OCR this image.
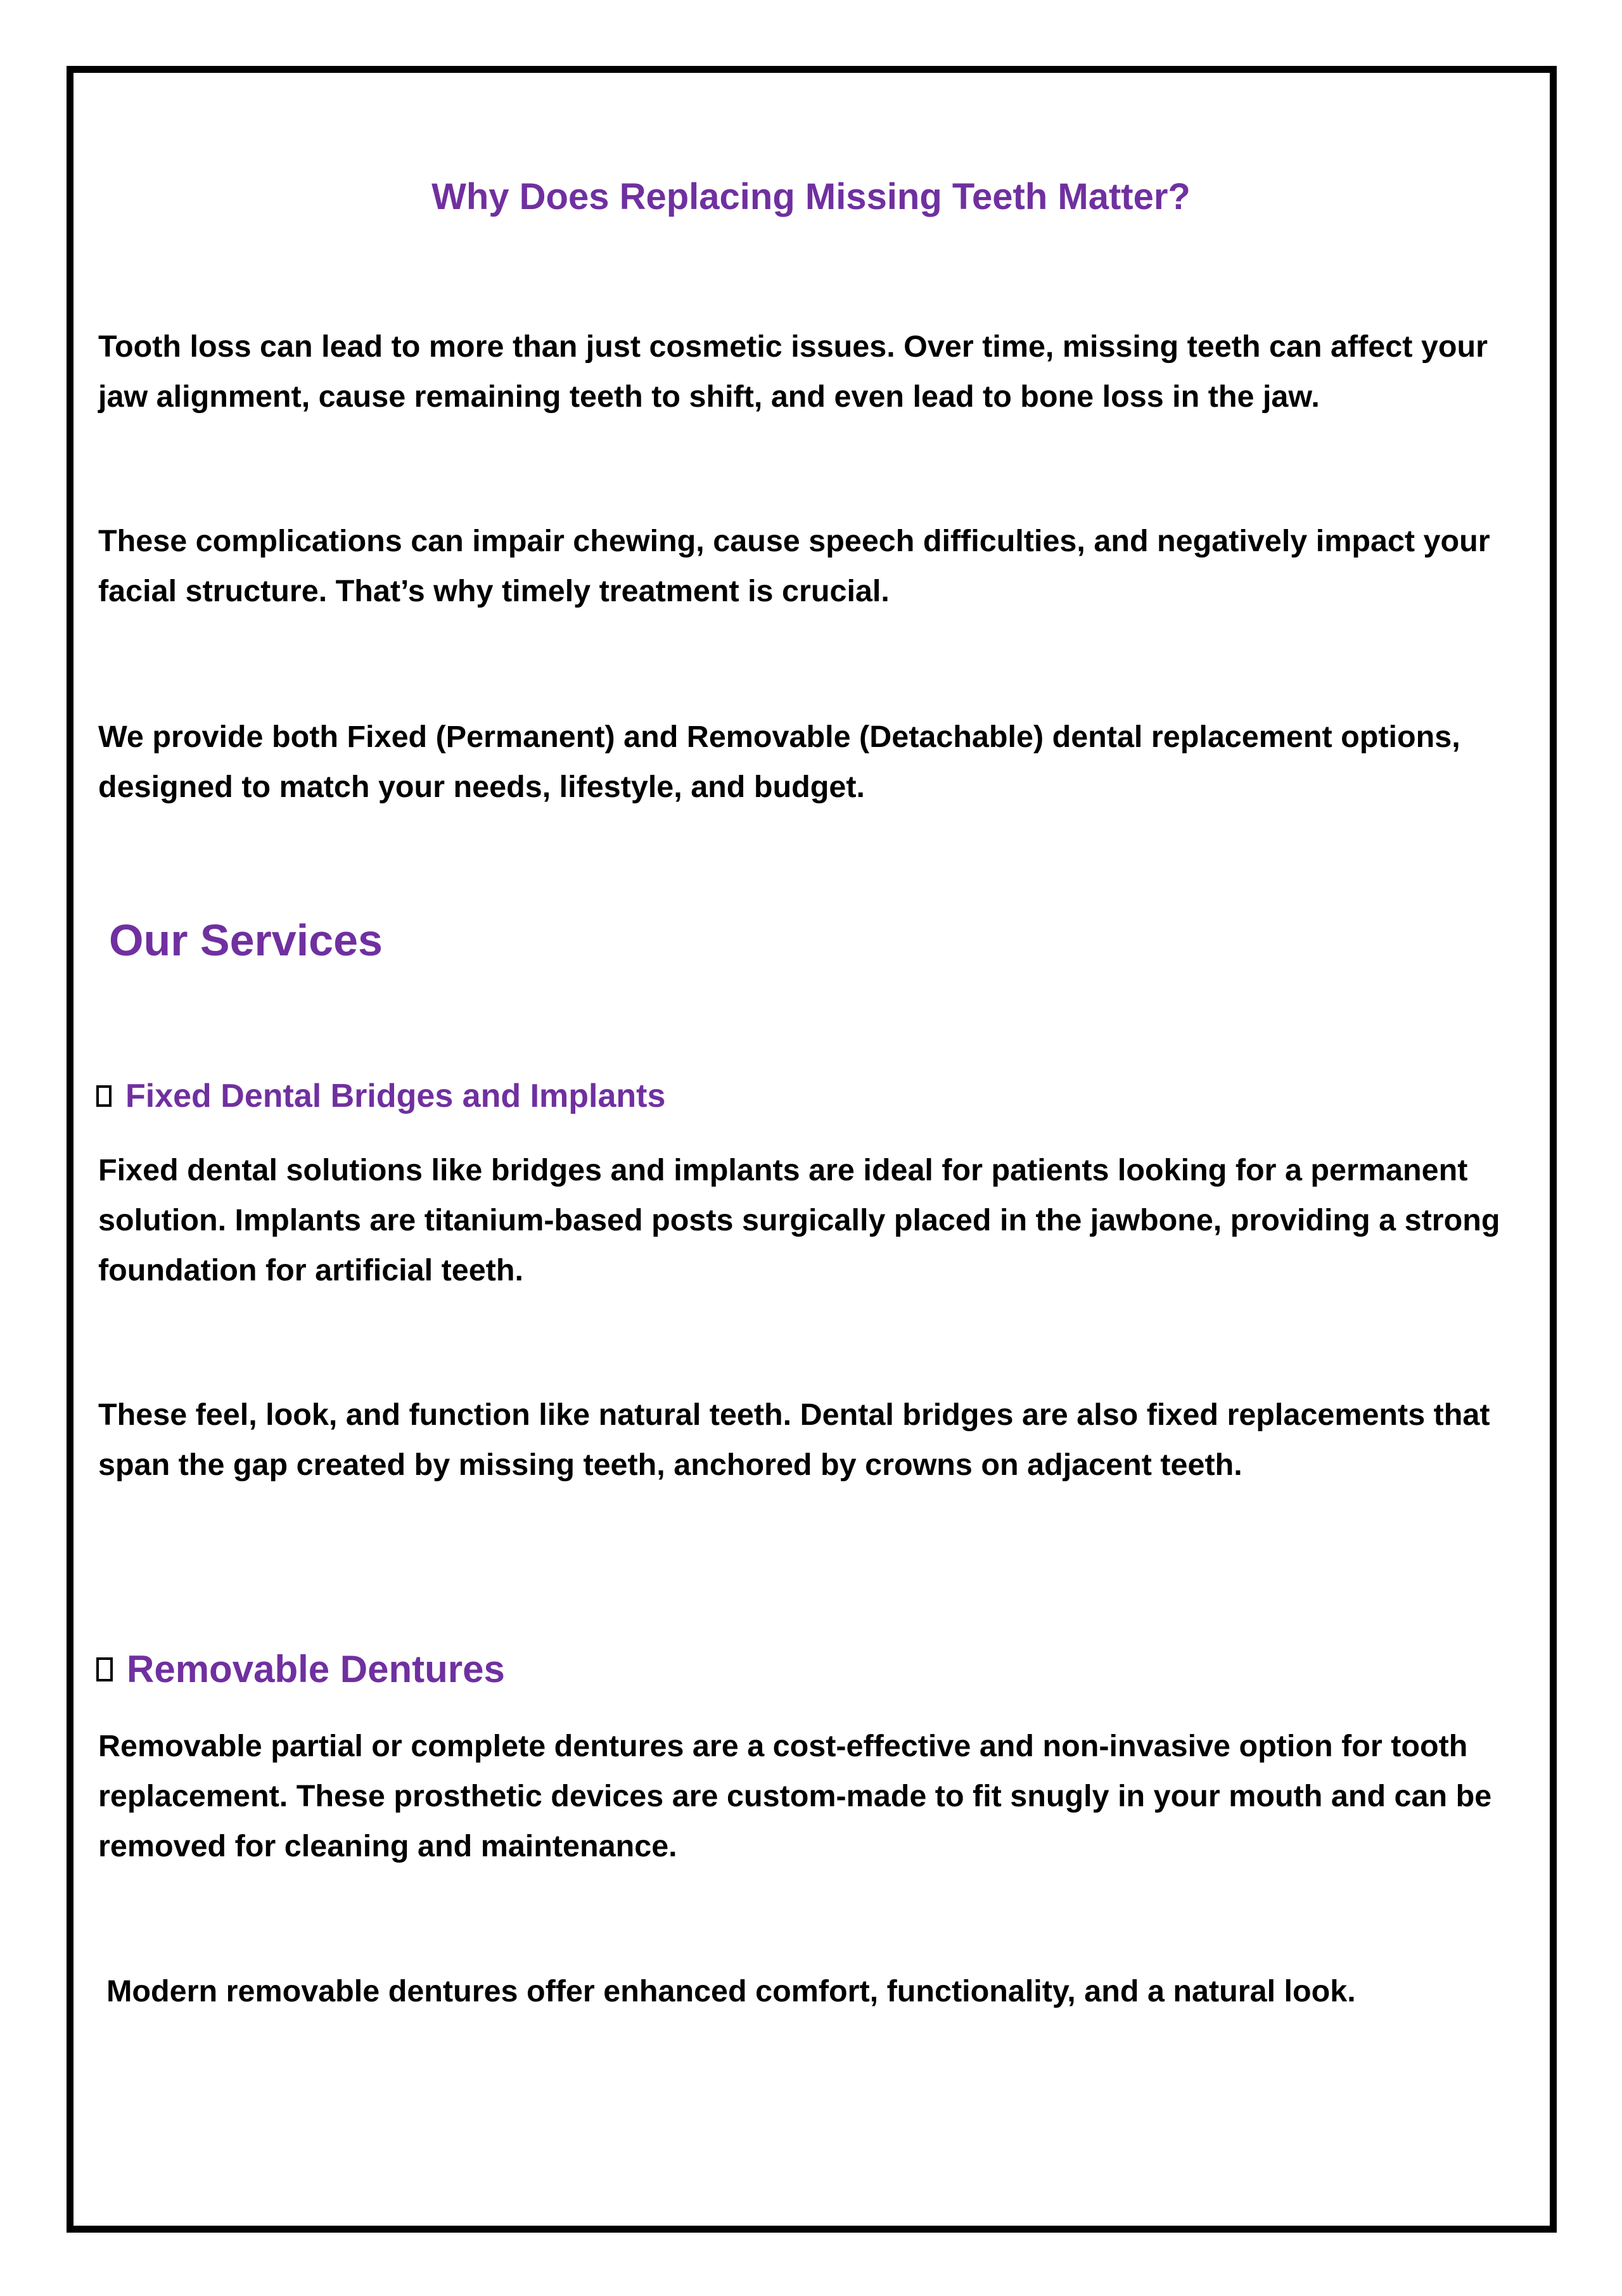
Why Does Replacing Missing Teeth Matter?

Tooth loss can lead to more than just cosmetic issues. Over time, missing teeth can affect your jaw alignment, cause remaining teeth to shift, and even lead to bone loss in the jaw.

These complications can impair chewing, cause speech difficulties, and negatively impact your facial structure. That’s why timely treatment is crucial.

We provide both Fixed (Permanent) and Removable (Detachable) dental replacement options, designed to match your needs, lifestyle, and budget.

Our Services
Fixed Dental Bridges and Implants

Fixed dental solutions like bridges and implants are ideal for patients looking for a permanent solution. Implants are titanium-based posts surgically placed in the jawbone, providing a strong foundation for artificial teeth.

These feel, look, and function like natural teeth. Dental bridges are also fixed replacements that span the gap created by missing teeth, anchored by crowns on adjacent teeth.

Removable Dentures

Removable partial or complete dentures are a cost-effective and non-invasive option for tooth replacement. These prosthetic devices are custom-made to fit snugly in your mouth and can be removed for cleaning and maintenance.

Modern removable dentures offer enhanced comfort, functionality, and a natural look.
